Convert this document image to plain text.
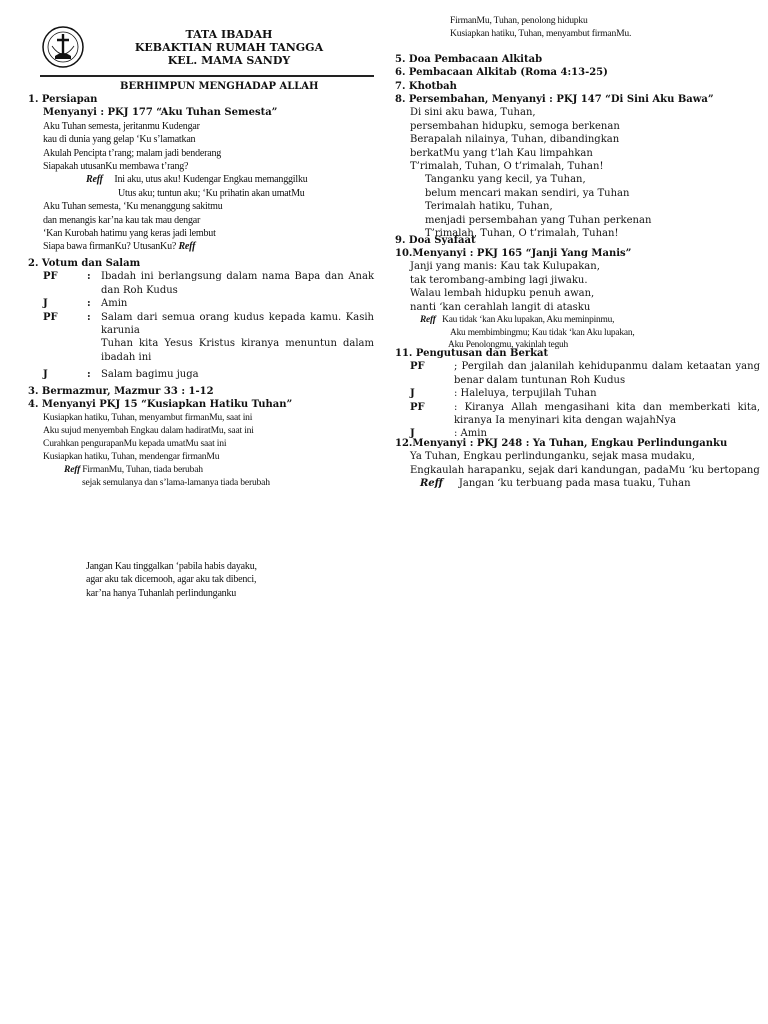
TATA IBADAH
KEBAKTIAN RUMAH TANGGA
KEL. MAMA SANDY
BERHIMPUN MENGHADAP ALLAH

1. Persiapan

Menyanyi : PKJ 177 “Aku Tuhan Semesta”

Aku Tuhan semesta, jeritanmu Kudengar

kau di dunia yang gelap ‘Ku s’lamatkan

Akulah Pencipta t’rang; malam jadi benderang

Siapakah utusanKu membawa t’rang?

Reff Ini aku, utus aku! Kudengar Engkau memanggilku

Utus aku; tuntun aku; ‘Ku prihatin akan umatMu

Aku Tuhan semesta, ‘Ku menanggung sakitmu

dan menangis kar’na kau tak mau dengar

‘Kan Kurobah hatimu yang keras jadi lembut

Siapa bawa firmanKu? UtusanKu? Reff

2. Votum dan Salam

PF	:	Ibadah ini berlangsung dalam nama Bapa dan Anak dan Roh Kudus
J	:	Amin
PF	:	Salam dari semua orang kudus kepada kamu. Kasih karunia
Tuhan kita Yesus Kristus kiranya menuntun dalam ibadah ini
J	:	Salam bagimu juga

3. Bermazmur, Mazmur 33 : 1-12

4. Menyanyi PKJ 15 “Kusiapkan Hatiku Tuhan”

Kusiapkan hatiku, Tuhan, menyambut firmanMu, saat ini

Aku sujud menyembah Engkau dalam hadiratMu, saat ini

Curahkan pengurapanMu kepada umatMu saat ini

Kusiapkan hatiku, Tuhan, mendengar firmanMu

Reff FirmanMu, Tuhan, tiada berubah

sejak semulanya dan s’lama-lamanya tiada berubah

Jangan Kau tinggalkan ‘pabila habis dayaku,

agar aku tak dicemooh, agar aku tak dibenci,

kar’na hanya Tuhanlah perlindunganku

FirmanMu, Tuhan, penolong hidupku

Kusiapkan hatiku, Tuhan, menyambut firmanMu.

5. Doa Pembacaan Alkitab

6. Pembacaan Alkitab (Roma 4:13-25)

7. Khotbah

8. Persembahan, Menyanyi : PKJ 147 “Di Sini Aku Bawa”

Di sini aku bawa, Tuhan,

persembahan hidupku, semoga berkenan

Berapalah nilainya, Tuhan, dibandingkan

berkatMu yang t’lah Kau limpahkan

T’rimalah, Tuhan, O t’rimalah, Tuhan!

Tanganku yang kecil, ya Tuhan,

belum mencari makan sendiri, ya Tuhan

Terimalah hatiku, Tuhan,

menjadi persembahan yang Tuhan perkenan

T’rimalah, Tuhan, O t’rimalah, Tuhan!

9. Doa Syafaat

10.Menyanyi : PKJ 165 “Janji Yang Manis”

Janji yang manis: Kau tak Kulupakan,

tak terombang-ambing lagi jiwaku.

Walau lembah hidupku penuh awan,

nanti ‘kan cerahlah langit di atasku

Reff Kau tidak ‘kan Aku lupakan, Aku meminpinmu,

Aku membimbingmu; Kau tidak ‘kan Aku lupakan,

Aku Penolongmu, yakinlah teguh

11. Pengutusan dan Berkat

PF	; Pergilah dan jalanilah kehidupanmu dalam ketaatan yang benar dalam tuntunan Roh Kudus
J	: Haleluya, terpujilah Tuhan
PF	: Kiranya Allah mengasihani kita dan memberkati kita, kiranya Ia menyinari kita dengan wajahNya
J	: Amin

12.Menyanyi : PKJ 248 : Ya Tuhan, Engkau Perlindunganku

Ya Tuhan, Engkau perlindunganku, sejak masa mudaku,

Engkaulah harapanku, sejak dari kandungan, padaMu ‘ku bertopang

Reff Jangan ‘ku terbuang pada masa tuaku, Tuhan
